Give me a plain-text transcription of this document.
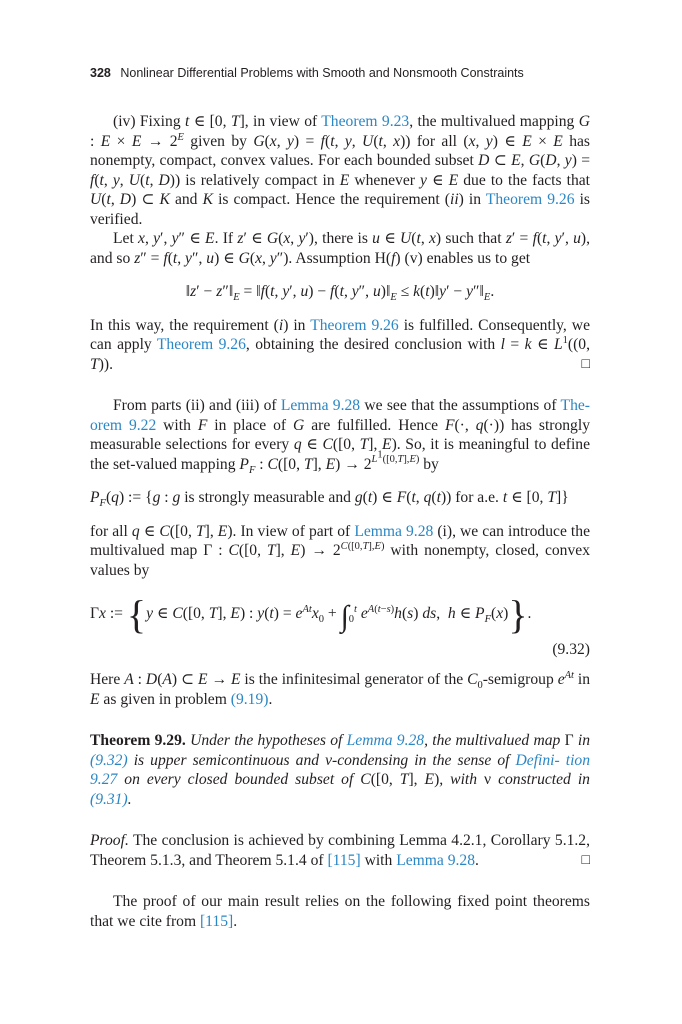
328 Nonlinear Differential Problems with Smooth and Nonsmooth Constraints

(iv) Fixing t ∈ [0, T], in view of Theorem 9.23, the multivalued mapping G : $E \times E \to 2^E$ given by G(x, y) = f(t, y, U(t, x)) for all (x, y) ∈ E × E has nonempty, compact, convex values. For each bounded subset D ⊂ E, G(D, y) = f(t, y, U(t, D)) is relatively compact in E whenever y ∈ E due to the facts that U(t, D) ⊂ K and K is compact. Hence the requirement (ii) in Theorem 9.26 is verified.

Let x, y′, y″ ∈ E. If z′ ∈ G(x, y′), there is u ∈ U(t, x) such that z′ = f(t, y′, u), and so z″ = f(t, y″, u) ∈ G(x, y″). Assumption H(f) (v) enables us to get

‖z′ − $z''‖_E$ = ‖f(t, y′, u) − f(t, y″, $u)‖_E$ ≤ k(t)‖y′ − $y''‖_E$.

In this way, the requirement (i) in Theorem 9.26 is fulfilled. Consequently, we can apply Theorem 9.26, obtaining the desired conclusion with l = k ∈ $L^1((0$, T)).	□

From parts (ii) and (iii) of Lemma 9.28 we see that the assumptions of The- orem 9.22 with F in place of G are fulfilled. Hence F(·, q(·)) has strongly measurable selections for every q ∈ C([0, T], E). So, it is meaningful to define the set-valued mapping $P_F$ : C([0, T], $E) \to 2^{L^1([0,T],E)}$ by

$P_F(q)$ := {g : g is strongly measurable and g(t) ∈ F(t, q(t)) for a.e. t ∈ [0, T]}

for all q ∈ C([0, T], E). In view of part of Lemma 9.28 (i), we can introduce the multivalued map Γ : C([0, T], $E) \to 2^{C([0,T],E)}$ with nonempty, closed, convex values by

Γx := {y ∈ C([0, T], E) : $y(t) = e^{At}x_0 + \int_0^t$ $e^{A(t-s)}h(s)$ ds,  h ∈ $P_F(x)$}.
(9.32)

Here A : D(A) ⊂ E → E is the infinitesimal generator of the $C_0$-semigroup $e^{At}$ in E as given in problem (9.19).

Theorem 9.29. Under the hypotheses of Lemma 9.28, the multivalued map Γ in (9.32) is upper semicontinuous and ν-condensing in the sense of Defini- tion 9.27 on every closed bounded subset of C([0, T], E), with ν constructed in (9.31).

Proof. The conclusion is achieved by combining Lemma 4.2.1, Corollary 5.1.2, Theorem 5.1.3, and Theorem 5.1.4 of [115] with Lemma 9.28.	□

The proof of our main result relies on the following fixed point theorems that we cite from [115].
